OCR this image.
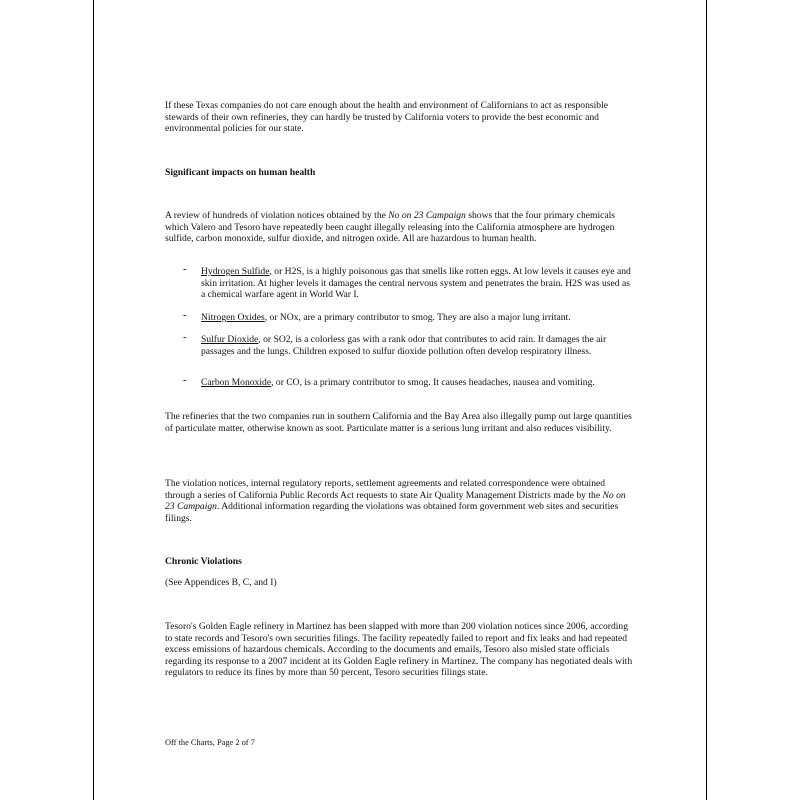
If these Texas companies do not care enough about the health and environment of Californians to act as responsible stewards of their own refineries, they can hardly be trusted by California voters to provide the best economic and environmental policies for our state.

Significant impacts on human health

A review of hundreds of violation notices obtained by the No on 23 Campaign shows that the four primary chemicals which Valero and Tesoro have repeatedly been caught illegally releasing into the California atmosphere are hydrogen sulfide, carbon monoxide, sulfur dioxide, and nitrogen oxide. All are hazardous to human health.

- Hydrogen Sulfide, or H2S, is a highly poisonous gas that smells like rotten eggs. At low levels it causes eye and skin irritation. At higher levels it damages the central nervous system and penetrates the brain. H2S was used as a chemical warfare agent in World War I.
- Nitrogen Oxides, or NOx, are a primary contributor to smog. They are also a major lung irritant.
- Sulfur Dioxide, or SO2, is a colorless gas with a rank odor that contributes to acid rain. It damages the air passages and the lungs. Children exposed to sulfur dioxide pollution often develop respiratory illness.
- Carbon Monoxide, or CO, is a primary contributor to smog. It causes headaches, nausea and vomiting.

The refineries that the two companies run in southern California and the Bay Area also illegally pump out large quantities of particulate matter, otherwise known as soot. Particulate matter is a serious lung irritant and also reduces visibility.

The violation notices, internal regulatory reports, settlement agreements and related correspondence were obtained through a series of California Public Records Act requests to state Air Quality Management Districts made by the No on 23 Campaign. Additional information regarding the violations was obtained form government web sites and securities filings.

Chronic Violations

(See Appendices B, C, and I)

Tesoro's Golden Eagle refinery in Martinez has been slapped with more than 200 violation notices since 2006, according to state records and Tesoro's own securities filings. The facility repeatedly failed to report and fix leaks and had repeated excess emissions of hazardous chemicals. According to the documents and emails, Tesoro also misled state officials regarding its response to a 2007 incident at its Golden Eagle refinery in Martinez. The company has negotiated deals with regulators to reduce its fines by more than 50 percent, Tesoro securities filings state.

Off the Charts, Page 2 of 7
